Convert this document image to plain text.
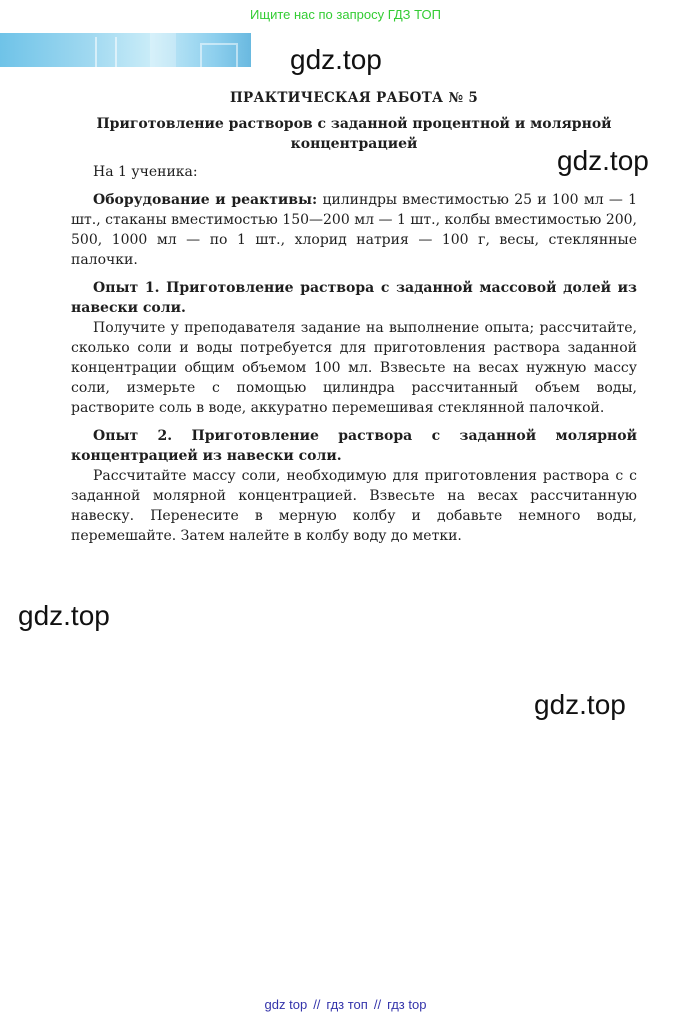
Ищите нас по запросу ГДЗ ТОП
gdz.top
gdz.top
gdz.top
gdz.top
ПРАКТИЧЕСКАЯ РАБОТА № 5
Приготовление растворов с заданной процентной и молярной концентрацией

На 1 ученика:

Оборудование и реактивы: цилиндры вместимостью 25 и 100 мл — 1 шт., стаканы вместимостью 150—200 мл — 1 шт., колбы вместимостью 200, 500, 1000 мл — по 1 шт., хлорид натрия — 100 г, весы, стеклянные палочки.

Опыт 1. Приготовление раствора с заданной массовой долей из навески соли.

Получите у преподавателя задание на выполнение опыта; рассчитайте, сколько соли и воды потребуется для приготовления раствора заданной концентрации общим объемом 100 мл. Взвесьте на весах нужную массу соли, измерьте с помощью цилиндра рассчитанный объем воды, растворите соль в воде, аккуратно перемешивая стеклянной палочкой.

Опыт 2. Приготовление раствора с заданной молярной концентрацией из навески соли.

Рассчитайте массу соли, необходимую для приготовления раствора с с заданной молярной концентрацией. Взвесьте на весах рассчитанную навеску. Перенесите в мерную колбу и добавьте немного воды, перемешайте. Затем налейте в колбу воду до метки.

gdz top // гдз топ // гдз top
